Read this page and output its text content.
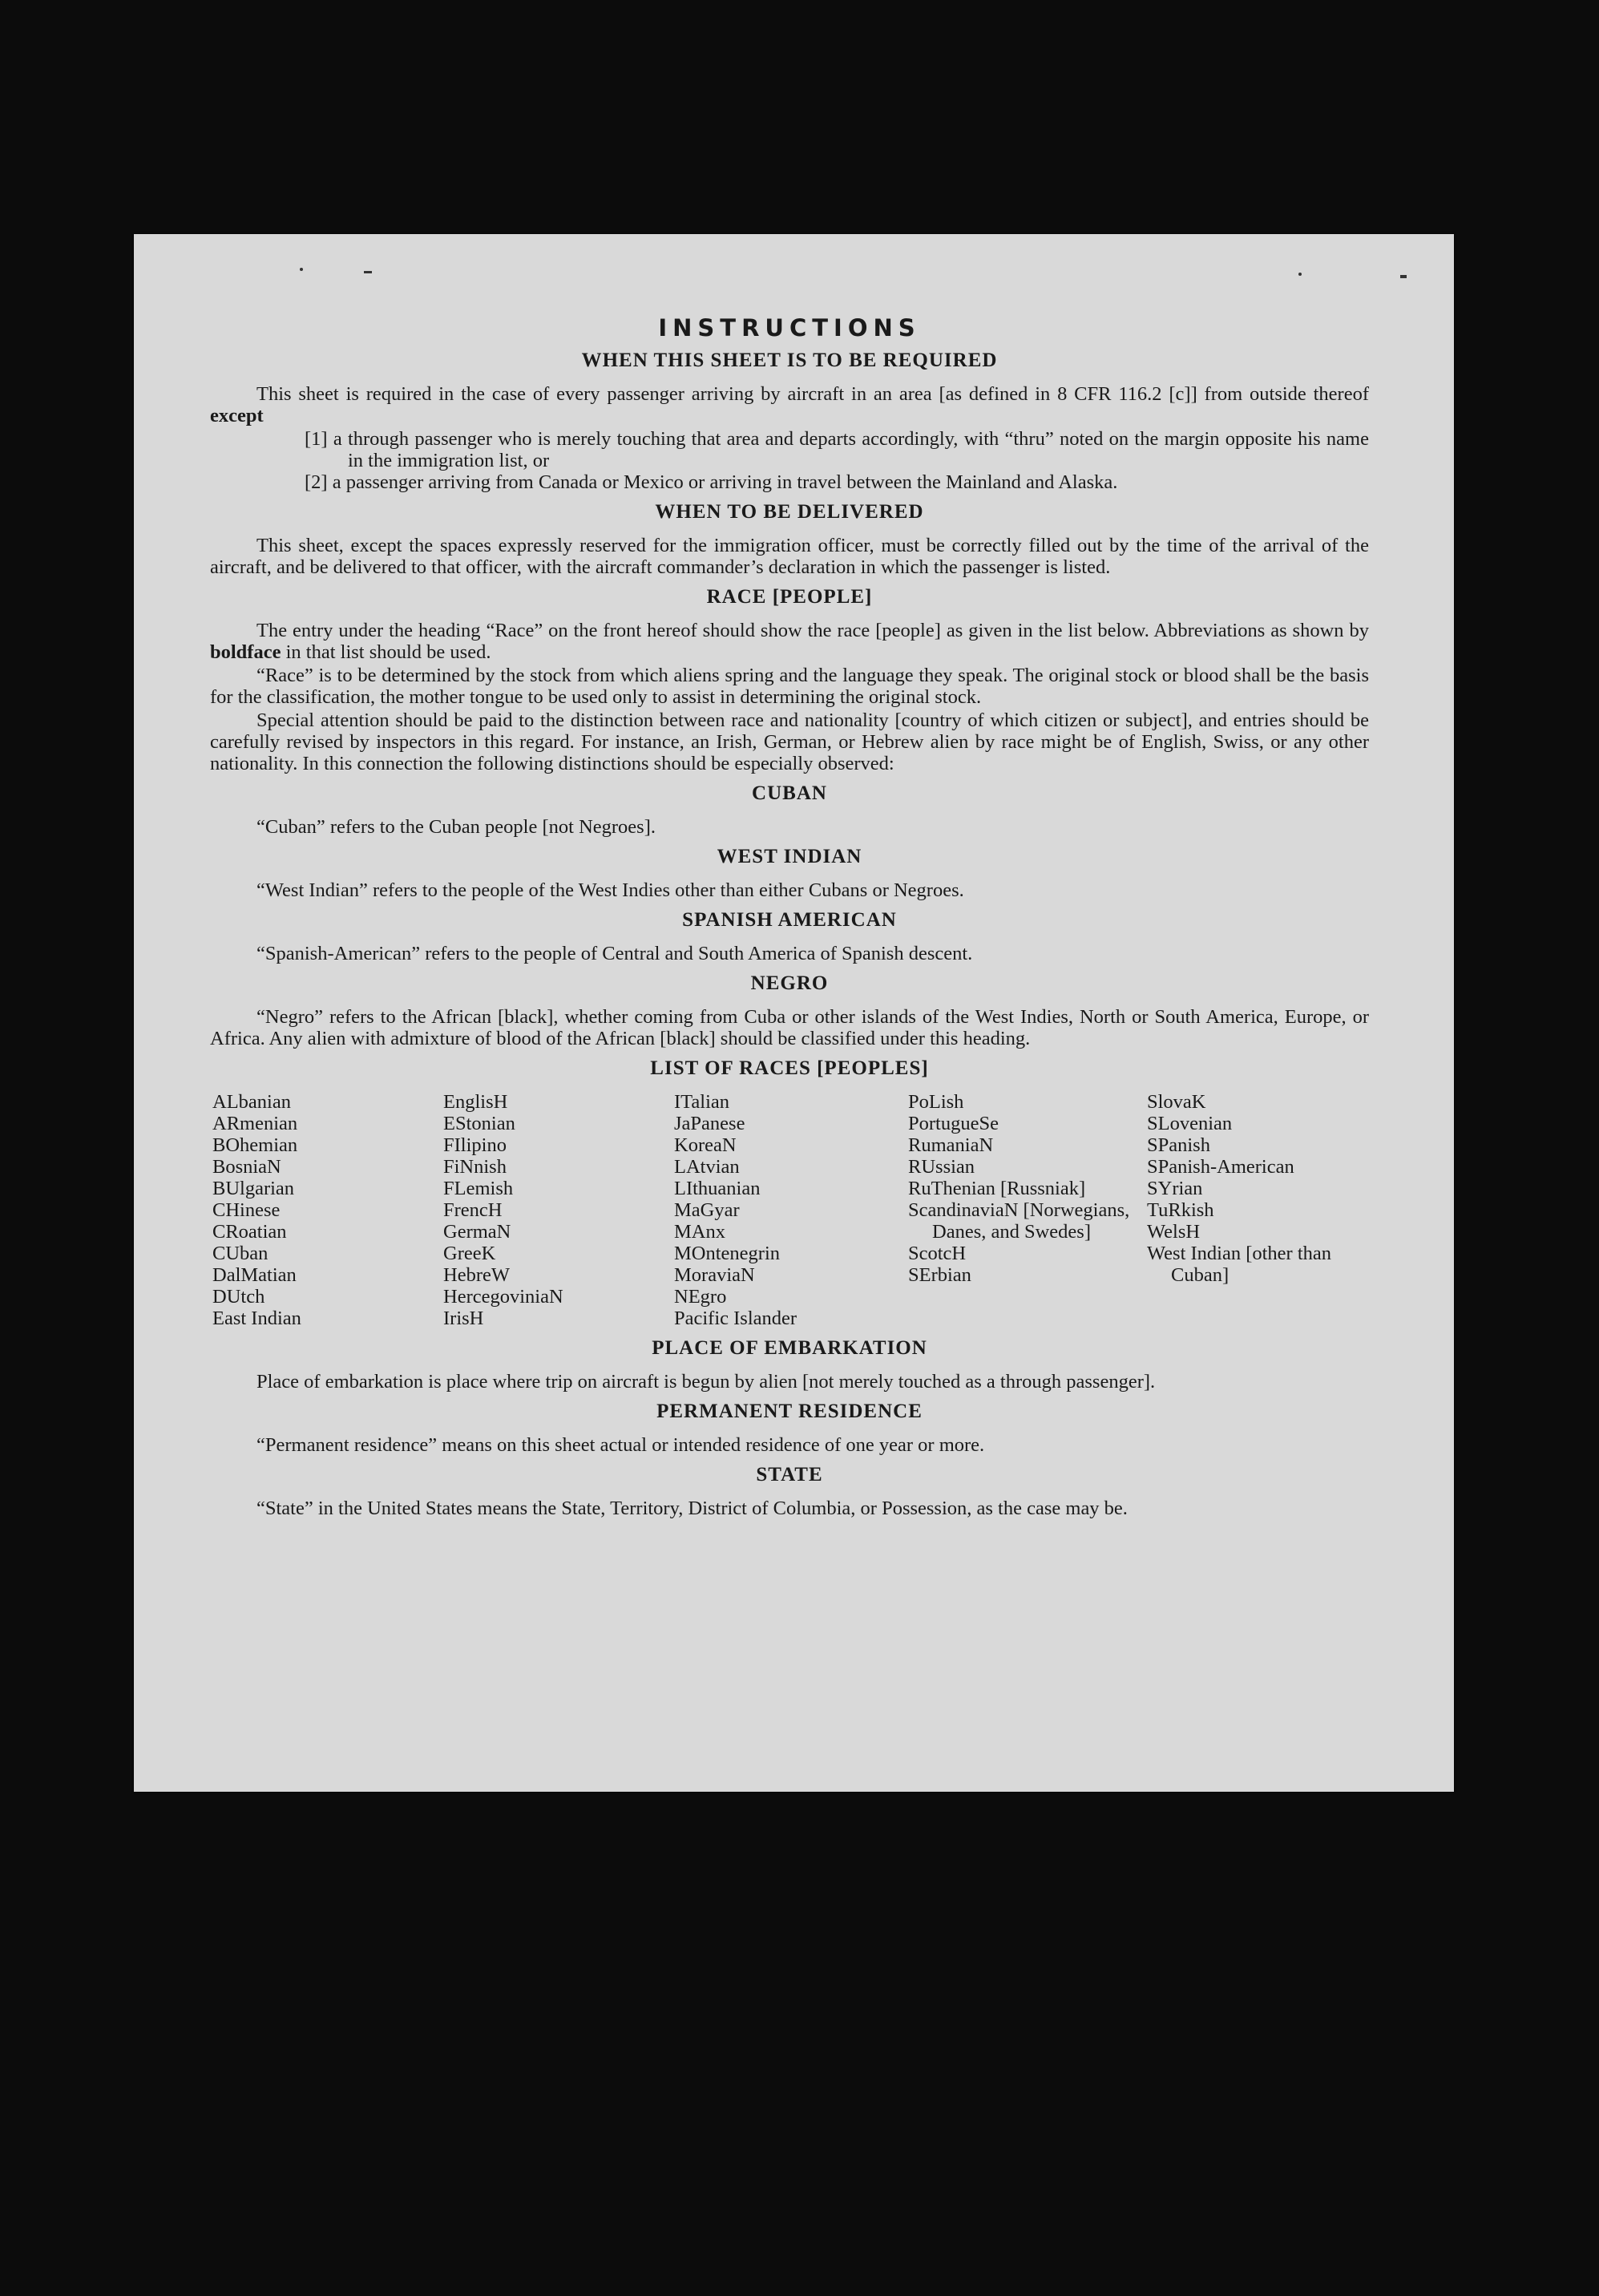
INSTRUCTIONS
WHEN THIS SHEET IS TO BE REQUIRED

This sheet is required in the case of every passenger arriving by aircraft in an area [as defined in 8 CFR 116.2 [c]] from outside thereof except

[1] a through passenger who is merely touching that area and departs accordingly, with “thru” noted on the margin opposite his name in the immigration list, or
[2] a passenger arriving from Canada or Mexico or arriving in travel between the Mainland and Alaska.
WHEN TO BE DELIVERED

This sheet, except the spaces expressly reserved for the immigration officer, must be correctly filled out by the time of the arrival of the aircraft, and be delivered to that officer, with the aircraft commander’s declaration in which the passenger is listed.

RACE [PEOPLE]

The entry under the heading “Race” on the front hereof should show the race [people] as given in the list below. Abbreviations as shown by boldface in that list should be used.

“Race” is to be determined by the stock from which aliens spring and the language they speak. The original stock or blood shall be the basis for the classification, the mother tongue to be used only to assist in determining the original stock.

Special attention should be paid to the distinction between race and nationality [country of which citizen or subject], and entries should be carefully revised by inspectors in this regard. For instance, an Irish, German, or Hebrew alien by race might be of English, Swiss, or any other nationality. In this connection the following distinctions should be especially observed:

CUBAN

“Cuban” refers to the Cuban people [not Negroes].

WEST INDIAN

“West Indian” refers to the people of the West Indies other than either Cubans or Negroes.

SPANISH AMERICAN

“Spanish-American” refers to the people of Central and South America of Spanish descent.

NEGRO

“Negro” refers to the African [black], whether coming from Cuba or other islands of the West Indies, North or South America, Europe, or Africa. Any alien with admixture of blood of the African [black] should be classified under this heading.

LIST OF RACES [PEOPLES]
ALbanian
ARmenian
BOhemian
BosniaN
BUlgarian
CHinese
CRoatian
CUban
DalMatian
DUtch
East Indian
EnglisH
EStonian
FIlipino
FiNnish
FLemish
FrencH
GermaN
GreeK
HebreW
HercegoviniaN
IrisH
ITalian
JaPanese
KoreaN
LAtvian
LIthuanian
MaGyar
MAnx
MOntenegrin
MoraviaN
NEgro
Pacific Islander
PoLish
PortugueSe
RumaniaN
RUssian
RuThenian [Russniak]
ScandinaviaN [Norwegians, Danes, and Swedes]
ScotcH
SErbian
SlovaK
SLovenian
SPanish
SPanish-American
SYrian
TuRkish
WelsH
West Indian [other than Cuban]
PLACE OF EMBARKATION

Place of embarkation is place where trip on aircraft is begun by alien [not merely touched as a through passenger].

PERMANENT RESIDENCE

“Permanent residence” means on this sheet actual or intended residence of one year or more.

STATE

“State” in the United States means the State, Territory, District of Columbia, or Possession, as the case may be.
